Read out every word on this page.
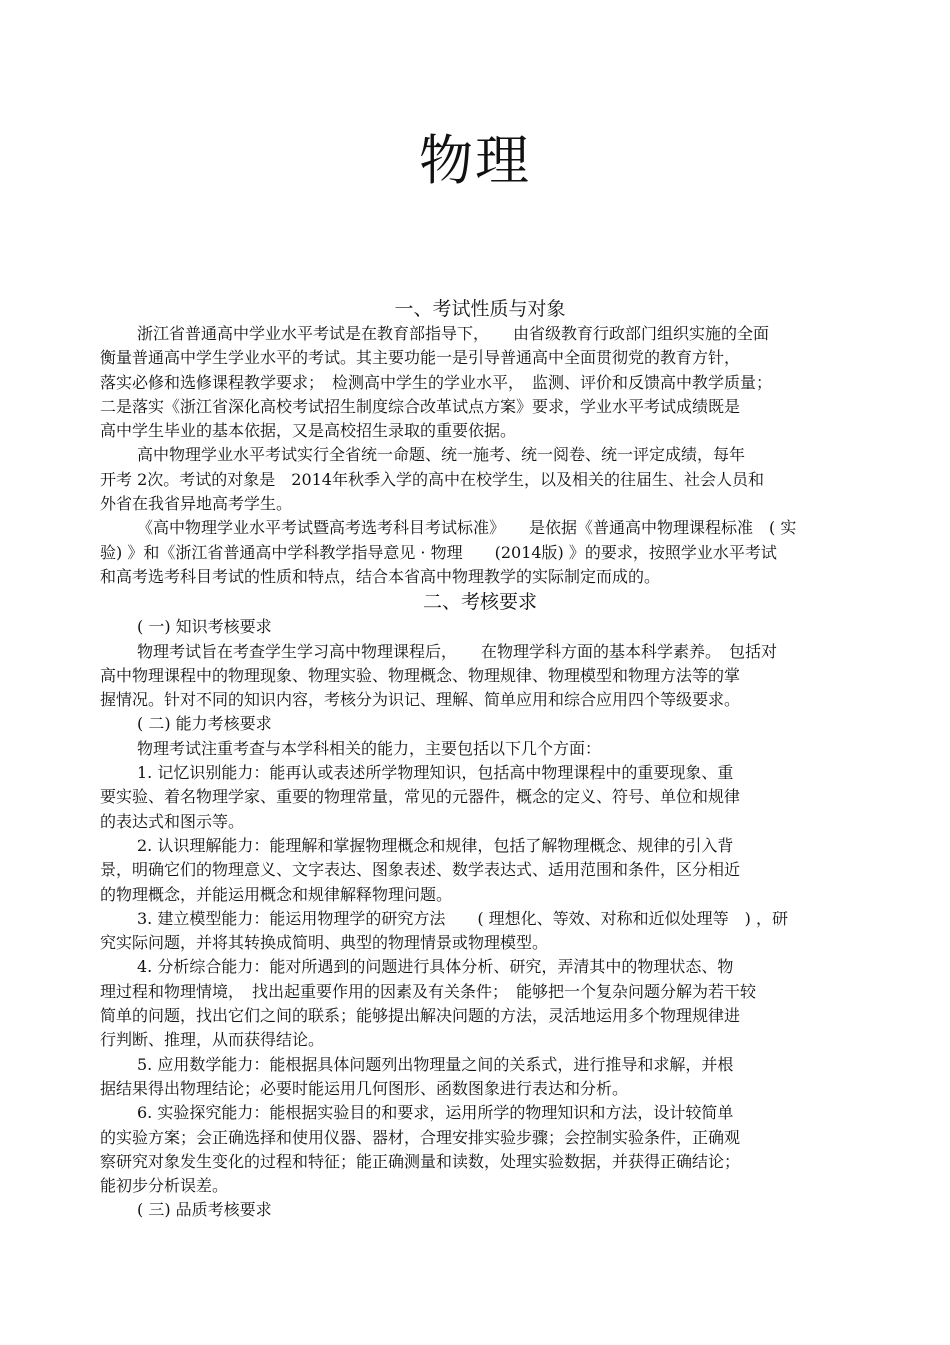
物理
一、考试性质与对象
浙江省普通高中学业水平考试是在教育部指导下，　　由省级教育行政部门组织实施的全面
衡量普通高中学生学业水平的考试。其主要功能一是引导普通高中全面贯彻党的教育方针，
落实必修和选修课程教学要求；　检测高中学生的学业水平，　监测、评价和反馈高中教学质量；
二是落实《浙江省深化高校考试招生制度综合改革试点方案》要求，学业水平考试成绩既是
高中学生毕业的基本依据，又是高校招生录取的重要依据。
高中物理学业水平考试实行全省统一命题、统一施考、统一阅卷、统一评定成绩，每年
开考 2次。考试的对象是　2014年秋季入学的高中在校学生，以及相关的往届生、社会人员和
外省在我省异地高考学生。
《高中物理学业水平考试暨高考选考科目考试标准》　　是依据《普通高中物理课程标准　( 实
验) 》和《浙江省普通高中学科教学指导意见 · 物理　　(2014版) 》的要求，按照学业水平考试
和高考选考科目考试的性质和特点，结合本省高中物理教学的实际制定而成的。
二、考核要求
( 一) 知识考核要求
物理考试旨在考查学生学习高中物理课程后，　　在物理学科方面的基本科学素养。　包括对
高中物理课程中的物理现象、物理实验、物理概念、物理规律、物理模型和物理方法等的掌
握情况。针对不同的知识内容，考核分为识记、理解、简单应用和综合应用四个等级要求。
( 二) 能力考核要求
物理考试注重考查与本学科相关的能力，主要包括以下几个方面：
1. 记忆识别能力：能再认或表述所学物理知识，包括高中物理课程中的重要现象、重
要实验、着名物理学家、重要的物理常量，常见的元器件，概念的定义、符号、单位和规律
的表达式和图示等。
2. 认识理解能力：能理解和掌握物理概念和规律，包括了解物理概念、规律的引入背
景，明确它们的物理意义、文字表达、图象表述、数学表达式、适用范围和条件，区分相近
的物理概念，并能运用概念和规律解释物理问题。
3. 建立模型能力：能运用物理学的研究方法　　( 理想化、等效、对称和近似处理等　) ，研
究实际问题，并将其转换成简明、典型的物理情景或物理模型。
4. 分析综合能力：能对所遇到的问题进行具体分析、研究，弄清其中的物理状态、物
理过程和物理情境，　找出起重要作用的因素及有关条件；　能够把一个复杂问题分解为若干较
简单的问题，找出它们之间的联系；能够提出解决问题的方法，灵活地运用多个物理规律进
行判断、推理，从而获得结论。
5. 应用数学能力：能根据具体问题列出物理量之间的关系式，进行推导和求解，并根
据结果得出物理结论；必要时能运用几何图形、函数图象进行表达和分析。
6. 实验探究能力：能根据实验目的和要求，运用所学的物理知识和方法，设计较简单
的实验方案；会正确选择和使用仪器、器材，合理安排实验步骤；会控制实验条件，正确观
察研究对象发生变化的过程和特征；能正确测量和读数，处理实验数据，并获得正确结论；
能初步分析误差。
( 三) 品质考核要求
